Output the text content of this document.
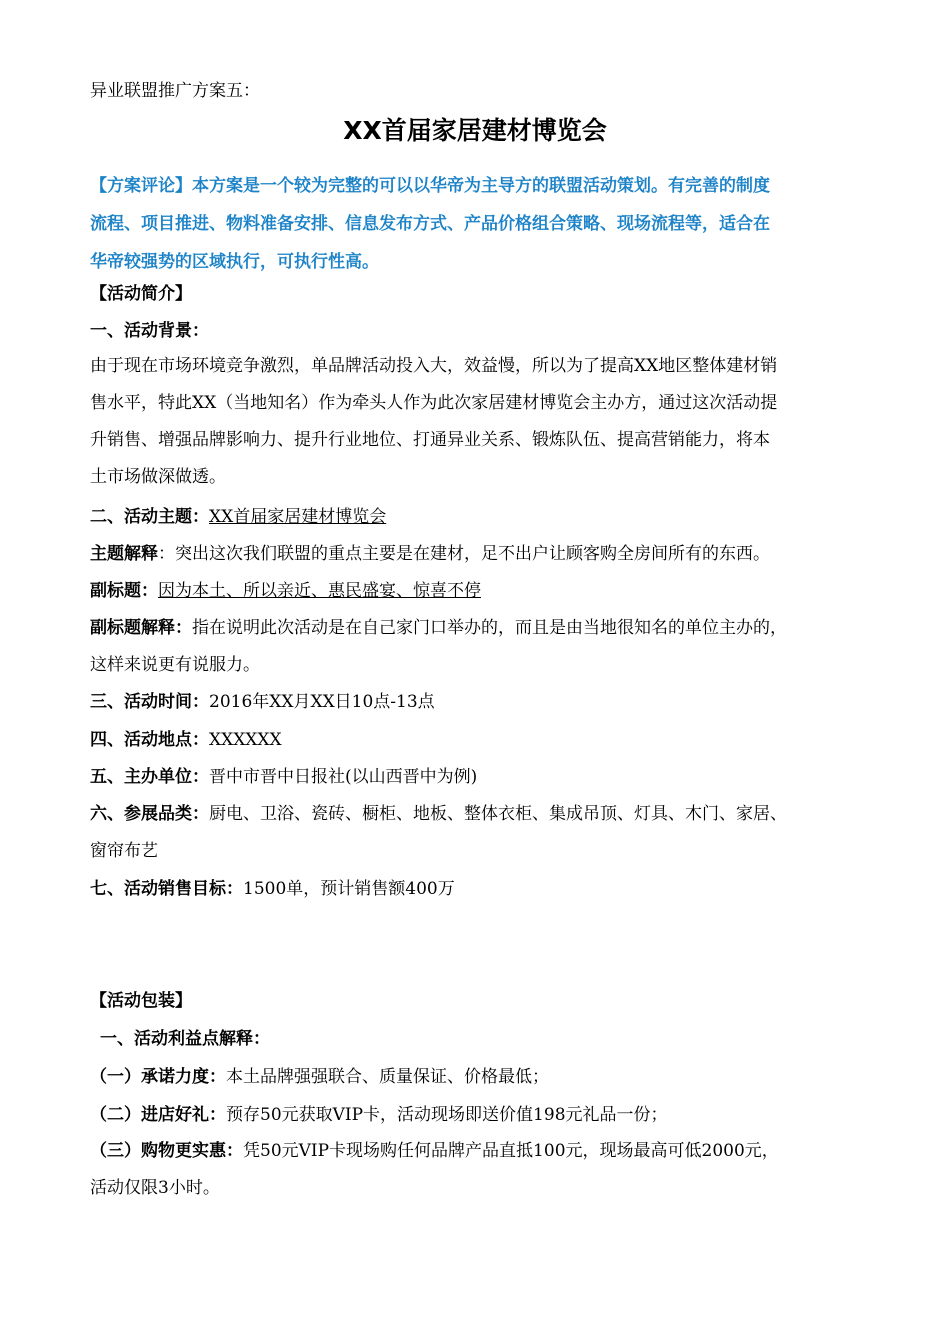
异业联盟推广方案五：
XX首届家居建材博览会
【方案评论】本方案是一个较为完整的可以以华帝为主导方的联盟活动策划。有完善的制度
流程、项目推进、物料准备安排、信息发布方式、产品价格组合策略、现场流程等，适合在
华帝较强势的区域执行，可执行性高。
【活动简介】
一、活动背景：
由于现在市场环境竞争激烈，单品牌活动投入大，效益慢，所以为了提高XX地区整体建材销
售水平，特此XX（当地知名）作为牵头人作为此次家居建材博览会主办方，通过这次活动提
升销售、增强品牌影响力、提升行业地位、打通异业关系、锻炼队伍、提高营销能力，将本
土市场做深做透。
二、活动主题：XX首届家居建材博览会
主题解释：突出这次我们联盟的重点主要是在建材，足不出户让顾客购全房间所有的东西。
副标题：因为本土、所以亲近、惠民盛宴、惊喜不停
副标题解释：指在说明此次活动是在自己家门口举办的，而且是由当地很知名的单位主办的，
这样来说更有说服力。
三、活动时间：2016年XX月XX日10点-13点
四、活动地点：XXXXXX
五、主办单位：晋中市晋中日报社(以山西晋中为例)
六、参展品类：厨电、卫浴、瓷砖、橱柜、地板、整体衣柜、集成吊顶、灯具、木门、家居、
窗帘布艺
七、活动销售目标：1500单，预计销售额400万
【活动包装】
一、活动利益点解释：
（一）承诺力度：本土品牌强强联合、质量保证、价格最低；
（二）进店好礼：预存50元获取VIP卡，活动现场即送价值198元礼品一份；
（三）购物更实惠：凭50元VIP卡现场购任何品牌产品直抵100元，现场最高可低2000元，
活动仅限3小时。
